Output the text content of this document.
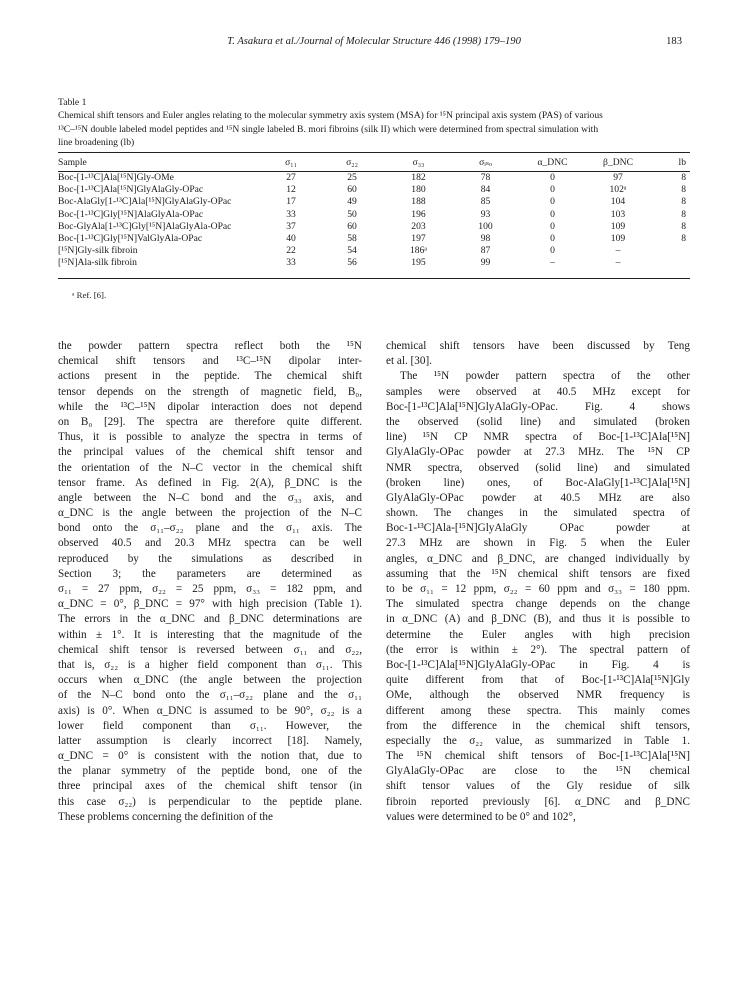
T. Asakura et al./Journal of Molecular Structure 446 (1998) 179–190	183
Table 1
Chemical shift tensors and Euler angles relating to the molecular symmetry axis system (MSA) for ¹⁵N principal axis system (PAS) of various
¹³C–¹⁵N double labeled model peptides and ¹⁵N single labeled B. mori fibroins (silk II) which were determined from spectral simulation with
line broadening (lb)
Sample	σ₁₁	σ₂₂	σ₃₃	σᵢₛₒ	α_DNC	β_DNC	lb
Boc-[1-¹³C]Ala[¹⁵N]Gly-OMe	27	25	182	78	0	97	8
Boc-[1-¹³C]Ala[¹⁵N]GlyAlaGly-OPac	12	60	180	84	0	102ᵃ	8
Boc-AlaGly[1-¹³C]Ala[¹⁵N]GlyAlaGly-OPac	17	49	188	85	0	104	8
Boc-[1-¹³C]Gly[¹⁵N]AlaGlyAla-OPac	33	50	196	93	0	103	8
Boc-GlyAla[1-¹³C]Gly[¹⁵N]AlaGlyAla-OPac	37	60	203	100	0	109	8
Boc-[1-¹³C]Gly[¹⁵N]ValGlyAla-OPac	40	58	197	98	0	109	8
[¹⁵N]Gly-silk fibroin	22	54	186ᵃ	87	0	–	
[¹⁵N]Ala-silk fibroin	33	56	195	99	–	–	
ᵃ Ref. [6].
the powder pattern spectra reflect both the ¹⁵N
chemical shift tensors and ¹³C–¹⁵N dipolar inter-
actions present in the peptide. The chemical shift
tensor depends on the strength of magnetic field, B₀,
while the ¹³C–¹⁵N dipolar interaction does not depend
on B₀ [29]. The spectra are therefore quite different.
Thus, it is possible to analyze the spectra in terms of
the principal values of the chemical shift tensor and
the orientation of the N–C vector in the chemical shift
tensor frame. As defined in Fig. 2(A), β_DNC is the
angle between the N–C bond and the σ₃₃ axis, and
α_DNC is the angle between the projection of the N–C
bond onto the σ₁₁–σ₂₂ plane and the σ₁₁ axis. The
observed 40.5 and 20.3 MHz spectra can be well
reproduced by the simulations as described in
Section 3; the parameters are determined as
σ₁₁ = 27 ppm, σ₂₂ = 25 ppm, σ₃₃ = 182 ppm, and
α_DNC = 0°, β_DNC = 97° with high precision (Table 1).
The errors in the α_DNC and β_DNC determinations are
within ± 1°. It is interesting that the magnitude of the
chemical shift tensor is reversed between σ₁₁ and σ₂₂,
that is, σ₂₂ is a higher field component than σ₁₁. This
occurs when α_DNC (the angle between the projection
of the N–C bond onto the σ₁₁–σ₂₂ plane and the σ₁₁
axis) is 0°. When α_DNC is assumed to be 90°, σ₂₂ is a
lower field component than σ₁₁. However, the
latter assumption is clearly incorrect [18]. Namely,
α_DNC = 0° is consistent with the notion that, due to
the planar symmetry of the peptide bond, one of the
three principal axes of the chemical shift tensor (in
this case σ₂₂) is perpendicular to the peptide plane.
These problems concerning the definition of the
chemical shift tensors have been discussed by Teng
et al. [30].
The ¹⁵N powder pattern spectra of the other
samples were observed at 40.5 MHz except for
Boc-[1-¹³C]Ala[¹⁵N]GlyAlaGly-OPac. Fig. 4 shows
the observed (solid line) and simulated (broken
line) ¹⁵N CP NMR spectra of Boc-[1-¹³C]Ala[¹⁵N]
GlyAlaGly-OPac powder at 27.3 MHz. The ¹⁵N CP
NMR spectra, observed (solid line) and simulated
(broken line) ones, of Boc-AlaGly[1-¹³C]Ala[¹⁵N]
GlyAlaGly-OPac powder at 40.5 MHz are also
shown. The changes in the simulated spectra of
Boc-1-¹³C]Ala-[¹⁵N]GlyAlaGly OPac powder at
27.3 MHz are shown in Fig. 5 when the Euler
angles, α_DNC and β_DNC, are changed individually by
assuming that the ¹⁵N chemical shift tensors are fixed
to be σ₁₁ = 12 ppm, σ₂₂ = 60 ppm and σ₃₃ = 180 ppm.
The simulated spectra change depends on the change
in α_DNC (A) and β_DNC (B), and thus it is possible to
determine the Euler angles with high precision
(the error is within ± 2°). The spectral pattern of
Boc-[1-¹³C]Ala[¹⁵N]GlyAlaGly-OPac in Fig. 4 is
quite different from that of Boc-[1-¹³C]Ala[¹⁵N]Gly
OMe, although the observed NMR frequency is
different among these spectra. This mainly comes
from the difference in the chemical shift tensors,
especially the σ₂₂ value, as summarized in Table 1.
The ¹⁵N chemical shift tensors of Boc-[1-¹³C]Ala[¹⁵N]
GlyAlaGly-OPac are close to the ¹⁵N chemical
shift tensor values of the Gly residue of silk
fibroin reported previously [6]. α_DNC and β_DNC
values were determined to be 0° and 102°,
